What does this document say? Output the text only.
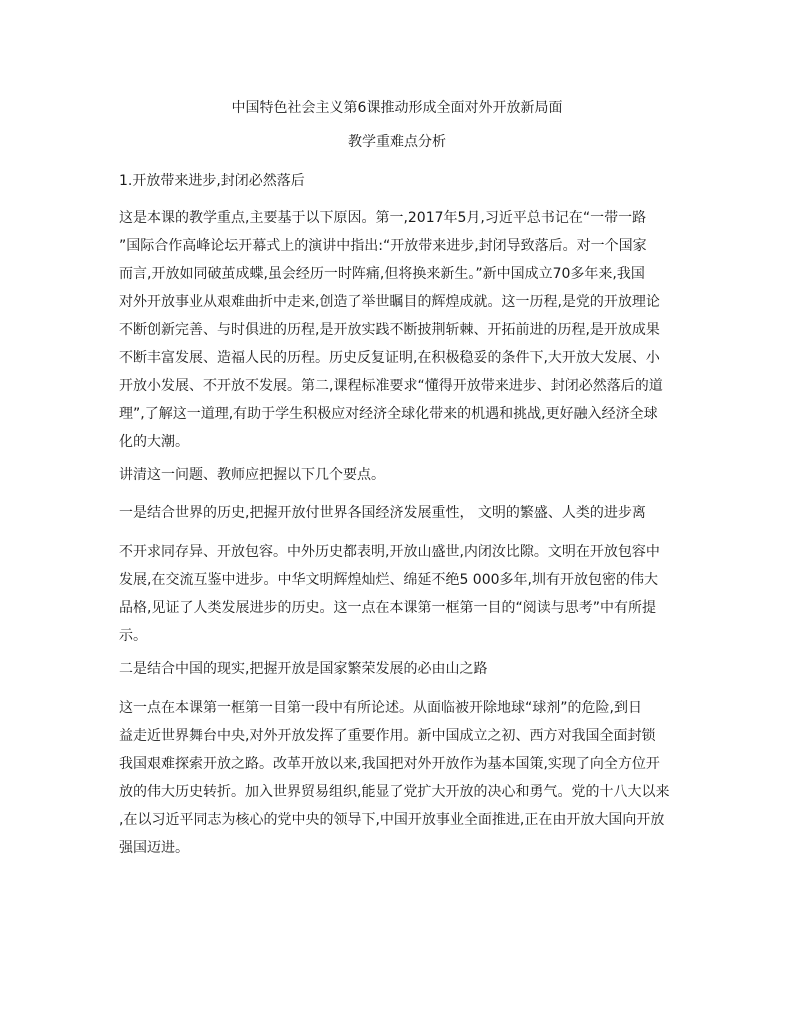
中国特色社会主义第6课推动形成全面对外开放新局面
教学重难点分析
1.开放带来进步,封闭必然落后
这是本课的教学重点,主要基于以下原因。第一,2017年5月,习近平总书记在“一带一路
”国际合作高峰论坛开幕式上的演讲中指出:“开放带来进步,封闭导致落后。对一个国家
而言,开放如同破茧成蝶,虽会经历一时阵痛,但将换来新生。”新中国成立70多年来,我国
对外开放事业从艰难曲折中走来,创造了举世瞩目的辉煌成就。这一历程,是党的开放理论
不断创新完善、与时俱进的历程,是开放实践不断披荆斩棘、开拓前进的历程,是开放成果
不断丰富发展、造福人民的历程。历史反复证明,在积极稳妥的条件下,大开放大发展、小
开放小发展、不开放不发展。第二,课程标准要求“懂得开放带来进步、封闭必然落后的道
理”,了解这一道理,有助于学生积极应对经济全球化带来的机遇和挑战,更好融入经济全球
化的大潮。

讲清这一问题、教师应把握以下几个要点。

一是结合世界的历史,把握开放付世界各国经济发展重性， 文明的繁盛、人类的进步离

不开求同存异、开放包容。中外历史都表明,开放山盛世,内闭汝比隙。文明在开放包容中
发展,在交流互鉴中进步。中华文明辉煌灿烂、绵延不绝5 000多年,圳有开放包密的伟大
品格,见证了人类发展进步的历史。这一点在本课第一框第一目的“阅读与思考”中有所提
示。

二是结合中国的现实,把握开放是国家繁荣发展的必由山之路

这一点在本课第一框第一目第一段中有所论述。从面临被开除地球“球剂”的危险,到日
益走近世界舞台中央,对外开放发挥了重要作用。新中国成立之初、西方对我国全面封锁
我国艰难探索开放之路。改革开放以来,我国把对外开放作为基本国策,实现了向全方位开
放的伟大历史转折。加入世界贸易组织,能显了党扩大开放的决心和勇气。党的十八大以来
,在以习近平同志为核心的党中央的领导下,中国开放事业全面推进,正在由开放大国向开放
强国迈进。
